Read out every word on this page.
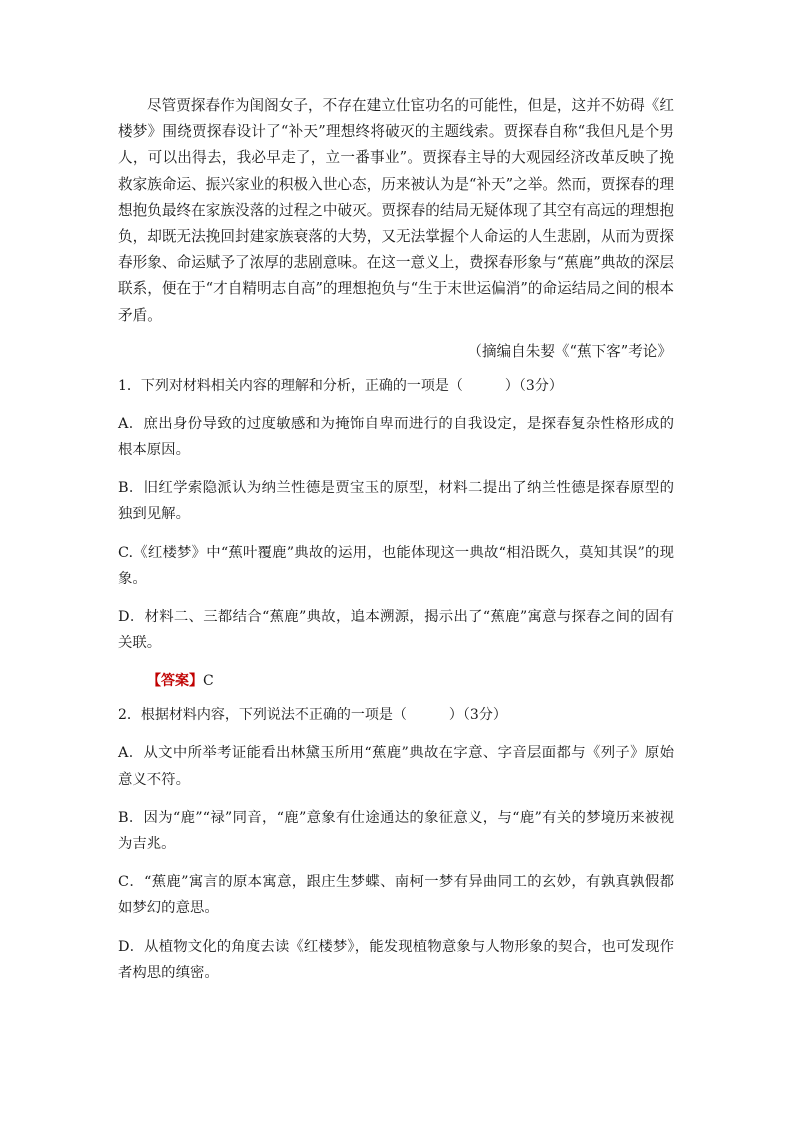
尽管贾探春作为闺阁女子，不存在建立仕宦功名的可能性，但是，这并不妨碍《红楼梦》围绕贾探春设计了“补天”理想终将破灭的主题线索。贾探春自称“我但凡是个男人，可以出得去，我必早走了，立一番事业”。贾探春主导的大观园经济改革反映了挽救家族命运、振兴家业的积极入世心态，历来被认为是“补天”之举。然而，贾探春的理想抱负最终在家族没落的过程之中破灭。贾探春的结局无疑体现了其空有高远的理想抱负，却既无法挽回封建家族衰落的大势，又无法掌握个人命运的人生悲剧，从而为贾探春形象、命运赋予了浓厚的悲剧意味。在这一意义上，费探春形象与“蕉鹿”典故的深层联系，便在于“才自精明志自高”的理想抱负与“生于末世运偏消”的命运结局之间的根本矛盾。

（摘编自朱㛃《“蕉下客”考论》

1．下列对材料相关内容的理解和分析，正确的一项是（　　　）（3分）

A．庶出身份导致的过度敏感和为掩饰自卑而进行的自我设定，是探春复杂性格形成的根本原因。

B．旧红学索隐派认为纳兰性德是贾宝玉的原型，材料二提出了纳兰性德是探春原型的独到见解。

C.《红楼梦》中“蕉叶覆鹿”典故的运用，也能体现这一典故“相沿既久，莫知其误”的现象。

D．材料二、三都结合“蕉鹿”典故，追本溯源，揭示出了“蕉鹿”寓意与探春之间的固有关联。

【答案】C

2．根据材料内容，下列说法不正确的一项是（　　　）（3分）

A．从文中所举考证能看出林黛玉所用“蕉鹿”典故在字意、字音层面都与《列子》原始意义不符。

B．因为“鹿”“禄”同音，“鹿”意象有仕途通达的象征意义，与“鹿”有关的梦境历来被视为吉兆。

C．“蕉鹿”寓言的原本寓意，跟庄生梦蝶、南柯一梦有异曲同工的玄妙，有孰真孰假都如梦幻的意思。

D．从植物文化的角度去读《红楼梦》，能发现植物意象与人物形象的契合，也可发现作者构思的缜密。
